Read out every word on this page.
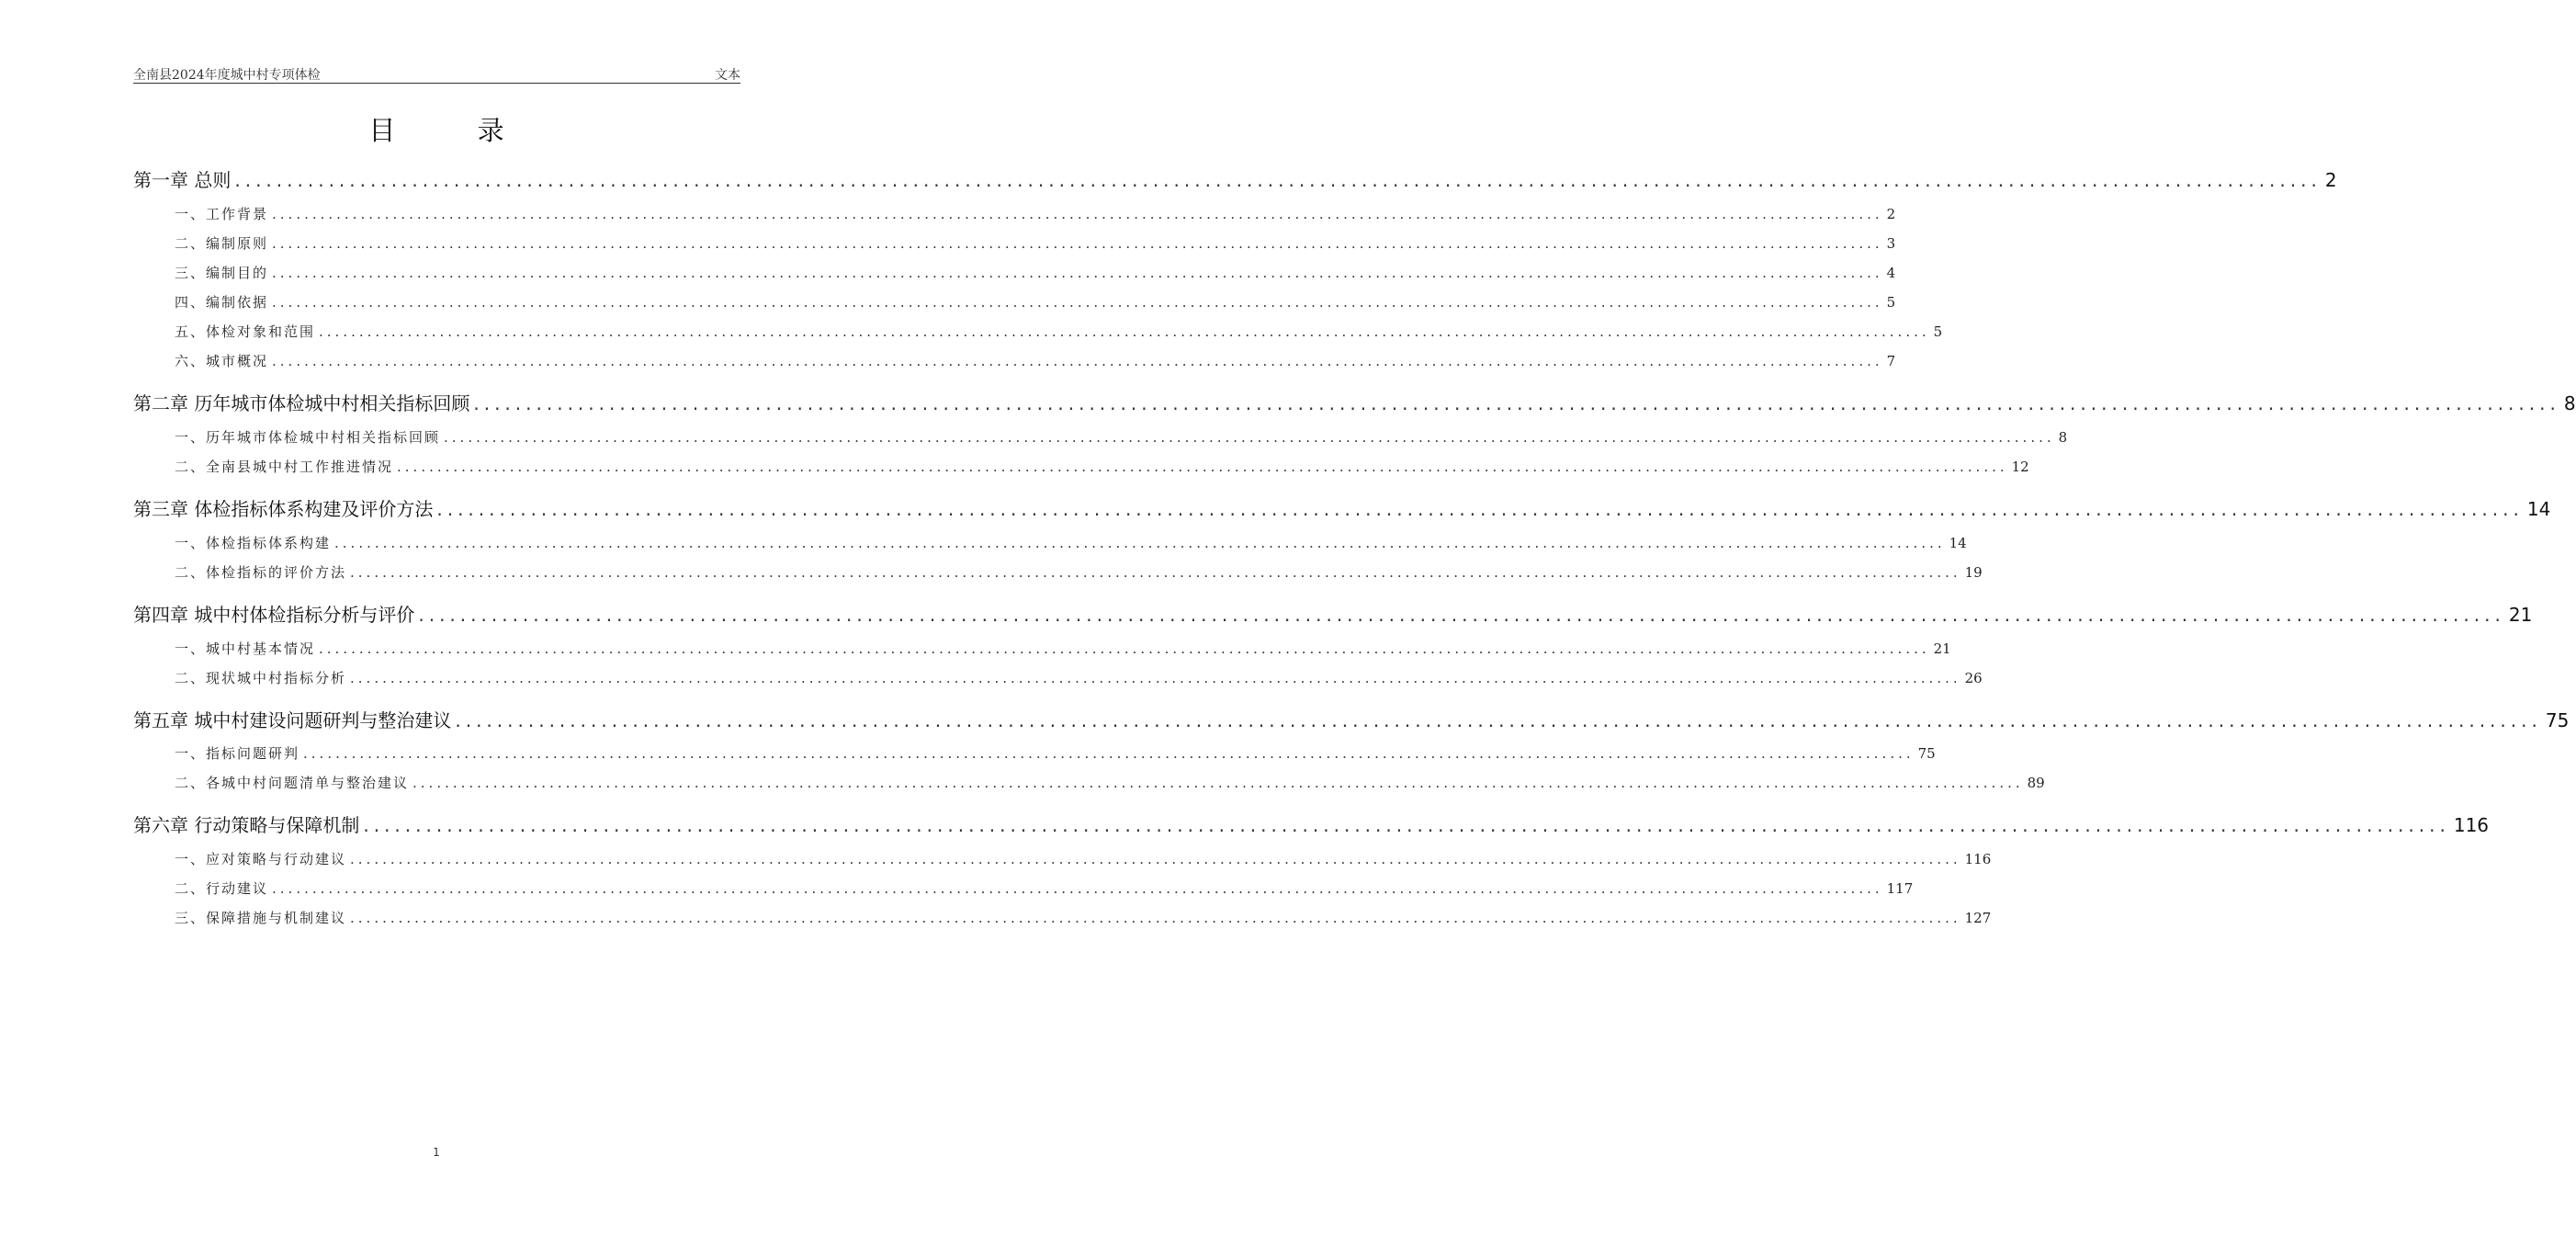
全南县2024年度城中村专项体检	文本
目 录
第一章 总则 ........................................................................................................................................................................................................ 2
一、工作背景 ........................................................................................................................................................................................................ 2
二、编制原则 ........................................................................................................................................................................................................ 3
三、编制目的 ........................................................................................................................................................................................................ 4
四、编制依据 ........................................................................................................................................................................................................ 5
五、体检对象和范围 ........................................................................................................................................................................................................ 5
六、城市概况 ........................................................................................................................................................................................................ 7
第二章 历年城市体检城中村相关指标回顾 ........................................................................................................................................................................................................ 8
一、历年城市体检城中村相关指标回顾 ........................................................................................................................................................................................................ 8
二、全南县城中村工作推进情况 ........................................................................................................................................................................................................ 12
第三章 体检指标体系构建及评价方法 ........................................................................................................................................................................................................ 14
一、体检指标体系构建 ........................................................................................................................................................................................................ 14
二、体检指标的评价方法 ........................................................................................................................................................................................................ 19
第四章 城中村体检指标分析与评价 ........................................................................................................................................................................................................ 21
一、城中村基本情况 ........................................................................................................................................................................................................ 21
二、现状城中村指标分析 ........................................................................................................................................................................................................ 26
第五章 城中村建设问题研判与整治建议 ........................................................................................................................................................................................................ 75
一、指标问题研判 ........................................................................................................................................................................................................ 75
二、各城中村问题清单与整治建议 ........................................................................................................................................................................................................ 89
第六章 行动策略与保障机制 ........................................................................................................................................................................................................ 116
一、应对策略与行动建议 ........................................................................................................................................................................................................ 116
二、行动建议 ........................................................................................................................................................................................................ 117
三、保障措施与机制建议 ........................................................................................................................................................................................................ 127
1
